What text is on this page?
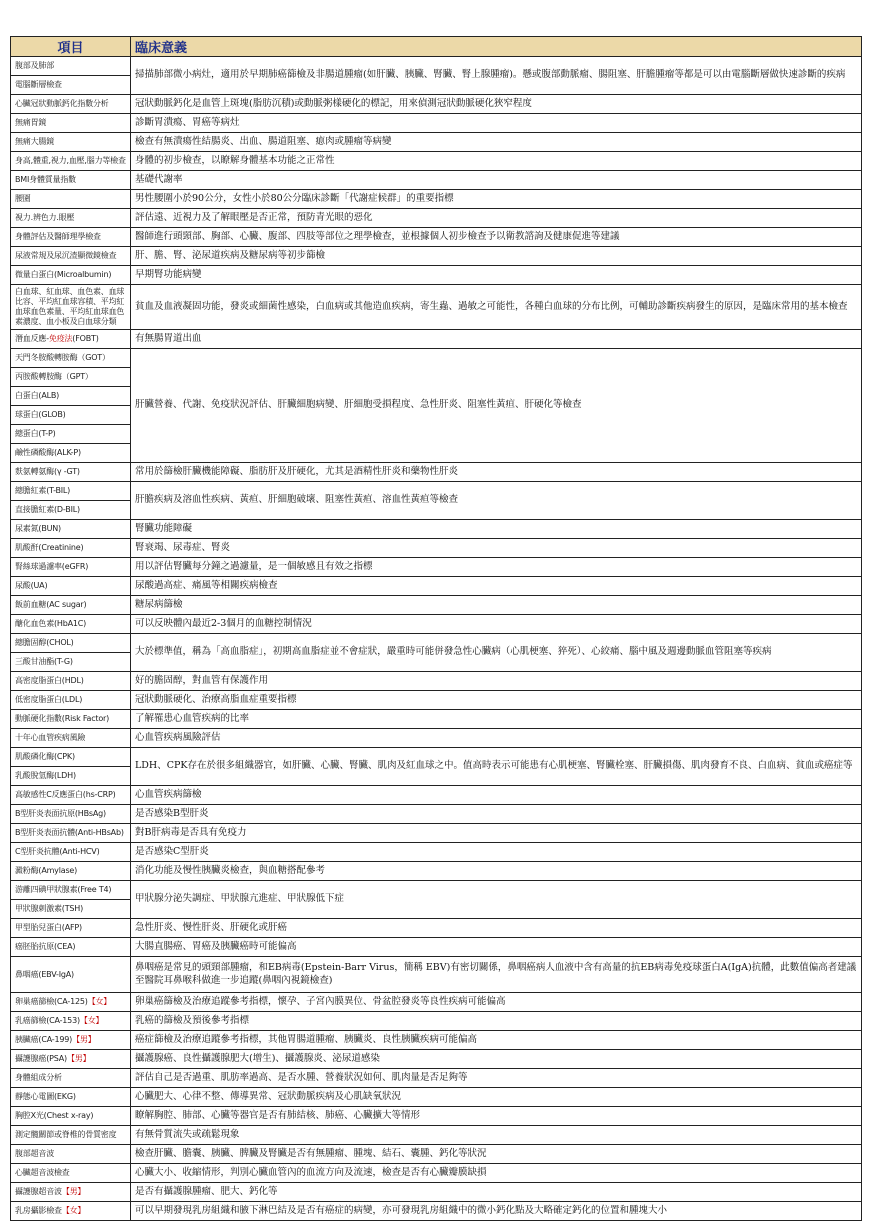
項目	臨床意義
腹部及肺部	掃描肺部微小病灶，適用於早期肺癌篩檢及非腸道腫瘤(如肝臟、胰臟、腎臟、腎上腺腫瘤)。懸或腹部動脈瘤、腸阻塞、肝膽腫瘤等都是可以由電腦斷層做快速診斷的疾病
電腦斷層檢查	
心臟冠狀動脈鈣化指數分析	冠狀動脈鈣化是血管上斑塊(脂肪沉積)或動脈粥樣硬化的標記，用來偵測冠狀動脈硬化狹窄程度
無痛胃鏡	診斷胃潰瘍、胃癌等病灶
無痛大腸鏡	檢查有無潰瘍性結腸炎、出血、腸道阻塞、瘜肉或腫瘤等病變
身高,體重,視力,血壓,腦力等檢查	身體的初步檢查，以瞭解身體基本功能之正常性
BMI身體質量指數	基礎代謝率
腰圍	男性腰圍小於90公分，女性小於80公分臨床診斷「代謝症候群」的重要指標
視力.辨色力.眼壓	評估遠、近視力及了解眼壓是否正常，預防青光眼的惡化
身體評估及醫師理學檢查	醫師進行頭頸部、胸部、心臟、腹部、四肢等部位之理學檢查，並根據個人初步檢查予以衛教諮詢及健康促進等建議
尿液常規及尿沉渣顯微鏡檢查	肝、膽、腎、泌尿道疾病及糖尿病等初步篩檢
微量白蛋白(Microalbumin)	早期腎功能病變
白血球、紅血球、血色素、血球比容、平均紅血球容積、平均紅血球血色素量、平均紅血球血色素濃度、血小板及白血球分類	貧血及血液凝固功能，發炎或細菌性感染，白血病或其他造血疾病，寄生蟲、過敏之可能性，各種白血球的分布比例，可輔助診斷疾病發生的原因，是臨床常用的基本檢查
潛血反應-免疫法(FOBT)	有無腸胃道出血
天門冬胺酸轉胺酶（GOT）	肝臟營養、代謝、免疫狀況評估、肝臟細胞病變、肝細胞受損程度、急性肝炎、阻塞性黃疸、肝硬化等檢查
丙胺酸轉胺酶（GPT）	
白蛋白(ALB)	
球蛋白(GLOB)	
總蛋白(T-P)	
鹼性磷酸酶(ALK-P)	
麩氨轉氨酶(γ -GT)	常用於篩檢肝臟機能障礙、脂肪肝及肝硬化，尤其是酒精性肝炎和藥物性肝炎
總膽紅素(T-BIL)	肝膽疾病及溶血性疾病、黃疸、肝細胞破壞、阻塞性黃疸、溶血性黃疸等檢查
直接膽紅素(D-BIL)	
尿素氮(BUN)	腎臟功能障礙
肌酸酐(Creatinine)	腎衰竭、尿毒症、腎炎
腎絲球過濾率(eGFR)	用以評估腎臟每分鐘之過濾量，是一個敏感且有效之指標
尿酸(UA)	尿酸過高症、痛風等相關疾病檢查
飯前血糖(AC sugar)	糖尿病篩檢
醣化血色素(HbA1C)	可以反映體內最近2-3個月的血糖控制情況
總膽固醇(CHOL)	大於標準值，稱為「高血脂症」，初期高血脂症並不會症狀，嚴重時可能併發急性心臟病（心肌梗塞、猝死）、心絞痛、腦中風及週邊動脈血管阻塞等疾病
三酸甘油酯(T-G)	
高密度脂蛋白(HDL)	好的膽固醇，對血管有保護作用
低密度脂蛋白(LDL)	冠狀動脈硬化、治療高脂血症重要指標
動脈硬化指數(Risk Factor)	了解罹患心血管疾病的比率
十年心血管疾病風險	心血管疾病風險評估
肌酸磷化酶(CPK)	LDH、CPK存在於很多組織器官，如肝臟、心臟、腎臟、肌肉及紅血球之中。值高時表示可能患有心肌梗塞、腎臟栓塞、肝臟損傷、肌肉發育不良、白血病、貧血或癌症等
乳酸脫氫酶(LDH)	
高敏感性C反應蛋白(hs-CRP)	心血管疾病篩檢
B型肝炎表面抗原(HBsAg)	是否感染B型肝炎
B型肝炎表面抗體(Anti-HBsAb)	對B肝病毒是否具有免疫力
C型肝炎抗體(Anti-HCV)	是否感染C型肝炎
澱粉酶(Amylase)	消化功能及慢性胰臟炎檢查，與血糖搭配參考
游離四碘甲狀腺素(Free T4)	甲狀腺分泌失調症、甲狀腺亢進症、甲狀腺低下症
甲狀腺刺激素(TSH)	
甲型胎兒蛋白(AFP)	急性肝炎、慢性肝炎、肝硬化或肝癌
癌胚胎抗原(CEA)	大腸直腸癌、胃癌及胰臟癌時可能偏高
鼻咽癌(EBV-IgA)	鼻咽癌是常見的頭頸部腫瘤，和EB病毒(Epstein-Barr Virus，簡稱 EBV)有密切關係，鼻咽癌病人血液中含有高量的抗EB病毒免疫球蛋白A(IgA)抗體，此數值偏高者建議至醫院耳鼻喉科做進一步追蹤(鼻咽內視鏡檢查)
卵巢癌篩檢(CA-125)【女】	卵巢癌篩檢及治療追蹤參考指標，懷孕、子宮內膜異位、骨盆腔發炎等良性疾病可能偏高
乳癌篩檢(CA-153)【女】	乳癌的篩檢及預後參考指標
胰臟癌(CA-199)【男】	癌症篩檢及治療追蹤參考指標，其他胃腸道腫瘤、胰臟炎、良性胰臟疾病可能偏高
攝護腺癌(PSA)【男】	攝護腺癌、良性攝護腺肥大(增生)、攝護腺炎、泌尿道感染
身體組成分析	評估自己是否過重、肌肪率過高、是否水腫、營養狀況如何、肌肉量是否足夠等
靜態心電圖(EKG)	心臟肥大、心律不整、傳導異常、冠狀動脈疾病及心肌缺氧狀況
胸腔X光(Chest x-ray)	瞭解胸腔、肺部、心臟等器官是否有肺結核、肺癌、心臟擴大等情形
測定髖關節或脊椎的骨質密度	有無骨質流失或疏鬆現象
腹部超音波	檢查肝臟、膽囊、胰臟、脾臟及腎臟是否有無腫瘤、腫塊、結石、囊腫、鈣化等狀況
心臟超音波檢查	心臟大小、收縮情形，判別心臟血管內的血流方向及流速，檢查是否有心臟瓣膜缺損
攝護腺超音波【男】	是否有攝護腺腫瘤、肥大、鈣化等
乳房攝影檢查【女】	可以早期發現乳房組織和腋下淋巴結及是否有癌症的病變，亦可發現乳房組織中的微小鈣化點及大略確定鈣化的位置和腫塊大小
